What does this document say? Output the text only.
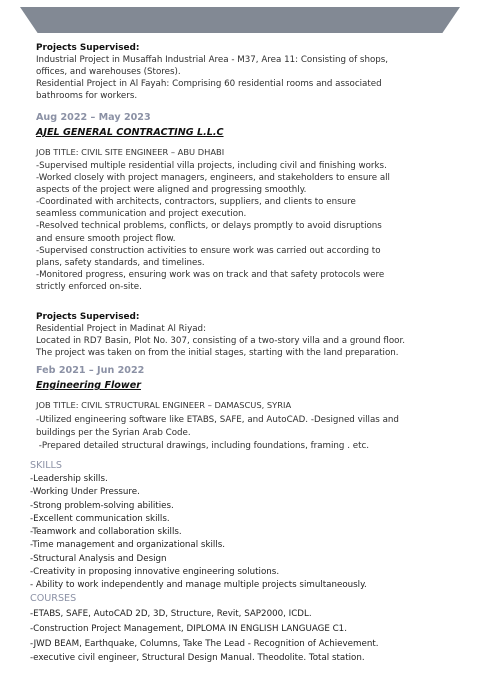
Projects Supervised:
Industrial Project in Musaffah Industrial Area - M37, Area 11: Consisting of shops,
offices, and warehouses (Stores).
Residential Project in Al Fayah: Comprising 60 residential rooms and associated
bathrooms for workers.
Aug 2022 – May 2023
AJEL GENERAL CONTRACTING L.L.C
JOB TITLE: CIVIL SITE ENGINEER – ABU DHABI
-Supervised multiple residential villa projects, including civil and finishing works.
-Worked closely with project managers, engineers, and stakeholders to ensure all
aspects of the project were aligned and progressing smoothly.
-Coordinated with architects, contractors, suppliers, and clients to ensure
seamless communication and project execution.
-Resolved technical problems, conflicts, or delays promptly to avoid disruptions
and ensure smooth project flow.
-Supervised construction activities to ensure work was carried out according to
plans, safety standards, and timelines.
-Monitored progress, ensuring work was on track and that safety protocols were
strictly enforced on-site.
Projects Supervised:
Residential Project in Madinat Al Riyad:
Located in RD7 Basin, Plot No. 307, consisting of a two-story villa and a ground floor.
The project was taken on from the initial stages, starting with the land preparation.
Feb 2021 – Jun 2022
Engineering Flower
JOB TITLE: CIVIL STRUCTURAL ENGINEER – DAMASCUS, SYRIA
-Utilized engineering software like ETABS, SAFE, and AutoCAD. -Designed villas and
buildings per the Syrian Arab Code.
-Prepared detailed structural drawings, including foundations, framing . etc.
SKILLS
-Leadership skills.
-Working Under Pressure.
-Strong problem-solving abilities.
-Excellent communication skills.
-Teamwork and collaboration skills.
-Time management and organizational skills.
-Structural Analysis and Design
-Creativity in proposing innovative engineering solutions.
- Ability to work independently and manage multiple projects simultaneously.
COURSES
-ETABS, SAFE, AutoCAD 2D, 3D, Structure, Revit, SAP2000, ICDL.
-Construction Project Management, DIPLOMA IN ENGLISH LANGUAGE C1.
-JWD BEAM, Earthquake, Columns, Take The Lead - Recognition of Achievement.
-executive civil engineer, Structural Design Manual. Theodolite. Total station.
